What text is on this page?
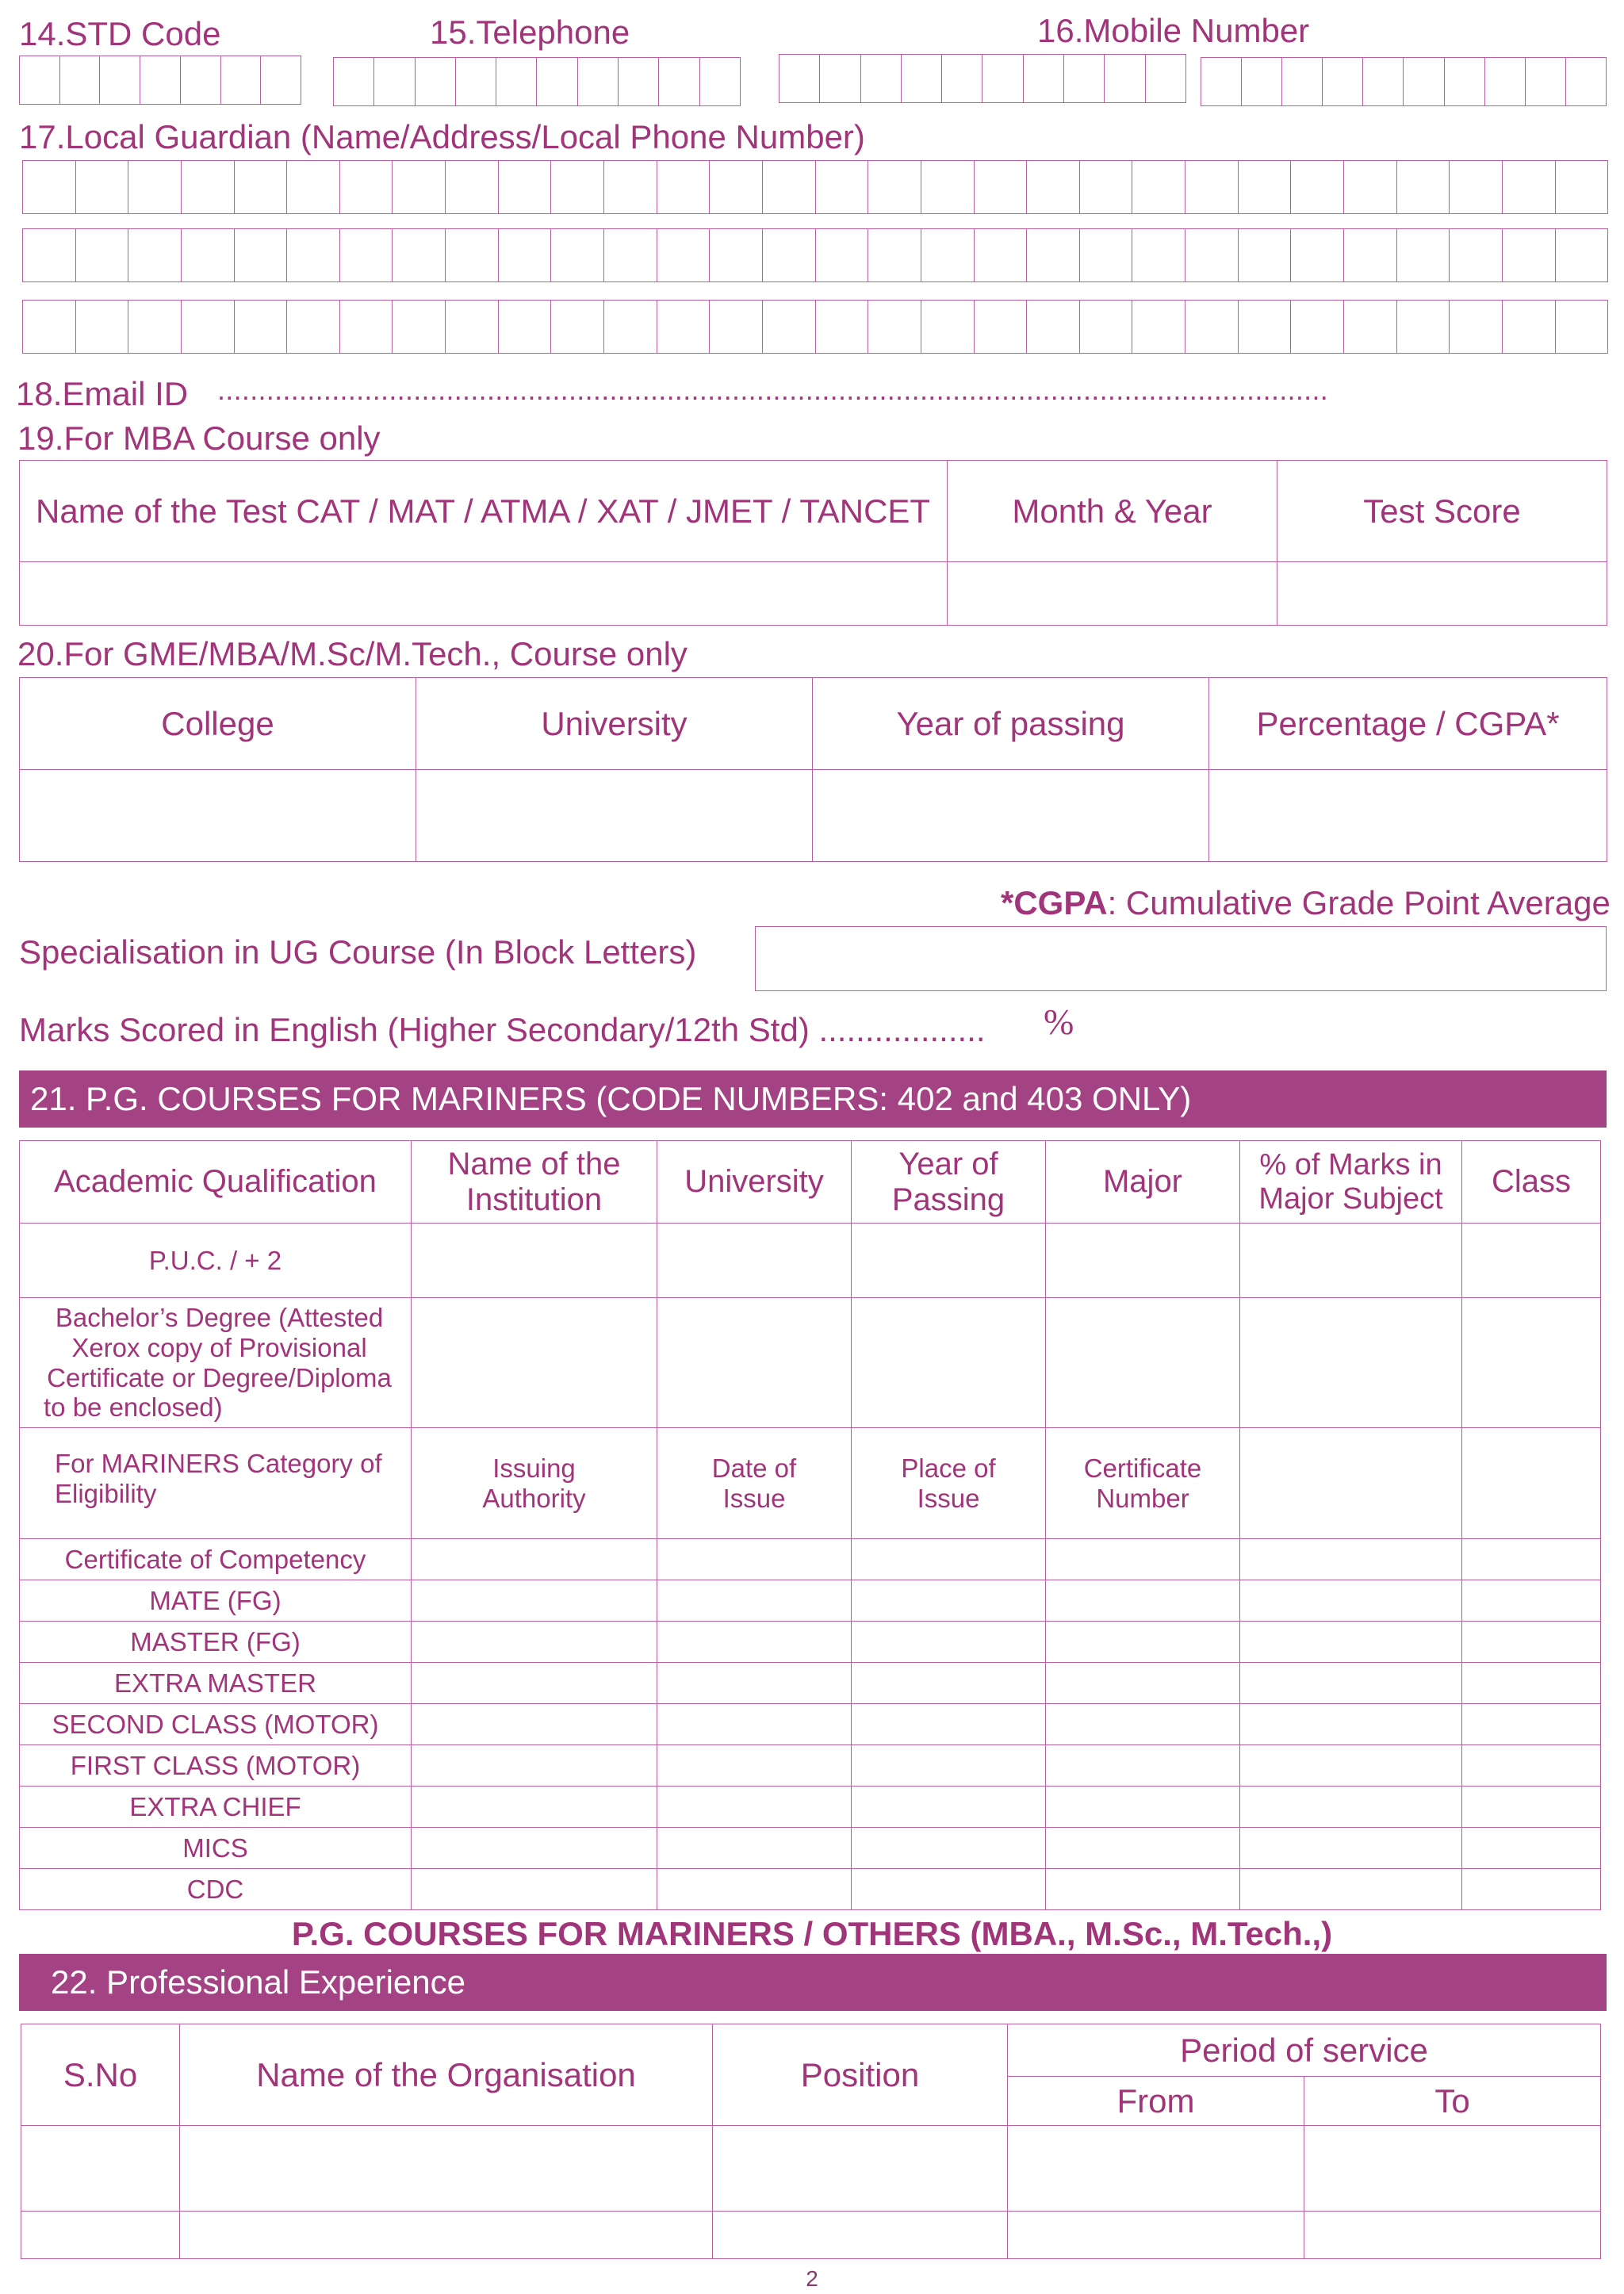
14.STD Code	15.Telephone	16.Mobile Number
17.Local Guardian (Name/Address/Local Phone Number)
18.Email ID ........................................................................................................................................
19.For MBA Course only
Name of the Test CAT / MAT / ATMA / XAT / JMET / TANCET	Month & Year	Test Score

20.For GME/MBA/M.Sc/M.Tech., Course only
College	University	Year of passing	Percentage / CGPA*

*CGPA: Cumulative Grade Point Average
Specialisation in UG Course (In Block Letters)
Marks Scored in English (Higher Secondary/12th Std) .................. %
21. P.G. COURSES FOR MARINERS (CODE NUMBERS: 402 and 403 ONLY)
Academic Qualification	Name of the Institution	University	Year of Passing	Major	% of Marks in Major Subject	Class
P.U.C. / + 2						
Bachelor’s Degree (Attested Xerox copy of Provisional Certificate or Degree/Diploma to be enclosed)						
For MARINERS Category of Eligibility	Issuing Authority	Date of Issue	Place of Issue	Certificate Number		
Certificate of Competency						
MATE (FG)						
MASTER (FG)						
EXTRA MASTER						
SECOND CLASS (MOTOR)						
FIRST CLASS (MOTOR)						
EXTRA CHIEF						
MICS						
CDC						
P.G. COURSES FOR MARINERS / OTHERS (MBA., M.Sc., M.Tech.,)
22. Professional Experience
S.No	Name of the Organisation	Position	Period of service	
			From	To

2
